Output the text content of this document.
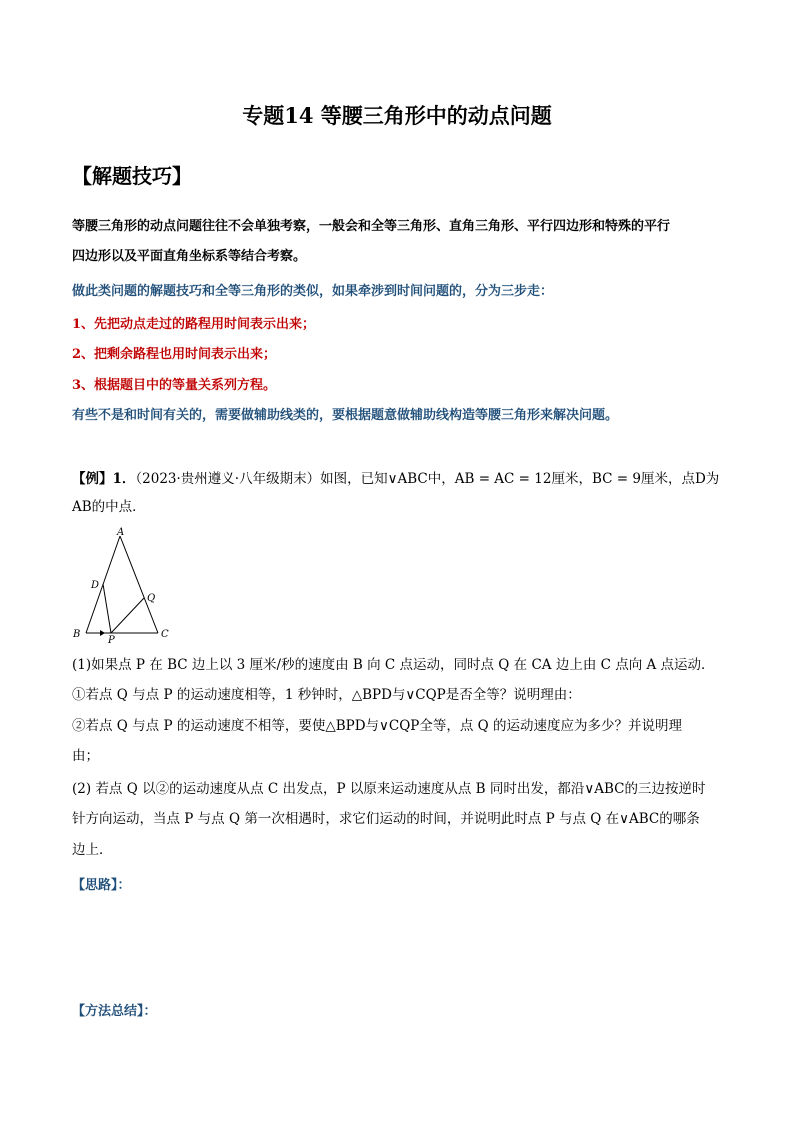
专题14 等腰三角形中的动点问题
【解题技巧】
等腰三角形的动点问题往往不会单独考察，一般会和全等三角形、直角三角形、平行四边形和特殊的平行
四边形以及平面直角坐标系等结合考察。
做此类问题的解题技巧和全等三角形的类似，如果牵涉到时间问题的，分为三步走：
1、先把动点走过的路程用时间表示出来；
2、把剩余路程也用时间表示出来；
3、根据题目中的等量关系列方程。
有些不是和时间有关的，需要做辅助线类的，要根据题意做辅助线构造等腰三角形来解决问题。
【例】1．（2023·贵州遵义·八年级期末）如图，已知∨ABC中，AB = AC = 12厘米，BC = 9厘米，点D为
AB的中点．
A
D
Q
B
P
C
(1)如果点 P 在 BC 边上以 3 厘米/秒的速度由 B 向 C 点运动，同时点 Q 在 CA 边上由 C 点向 A 点运动．
①若点 Q 与点 P 的运动速度相等，1 秒钟时，△BPD与∨CQP是否全等？说明理由：
②若点 Q 与点 P 的运动速度不相等，要使△BPD与∨CQP全等，点 Q 的运动速度应为多少？并说明理
由；
(2) 若点 Q 以②的运动速度从点 C 出发点，P 以原来运动速度从点 B 同时出发，都沿∨ABC的三边按逆时
针方向运动，当点 P 与点 Q 第一次相遇时，求它们运动的时间，并说明此时点 P 与点 Q 在∨ABC的哪条
边上．
【思路】：
【方法总结】：
